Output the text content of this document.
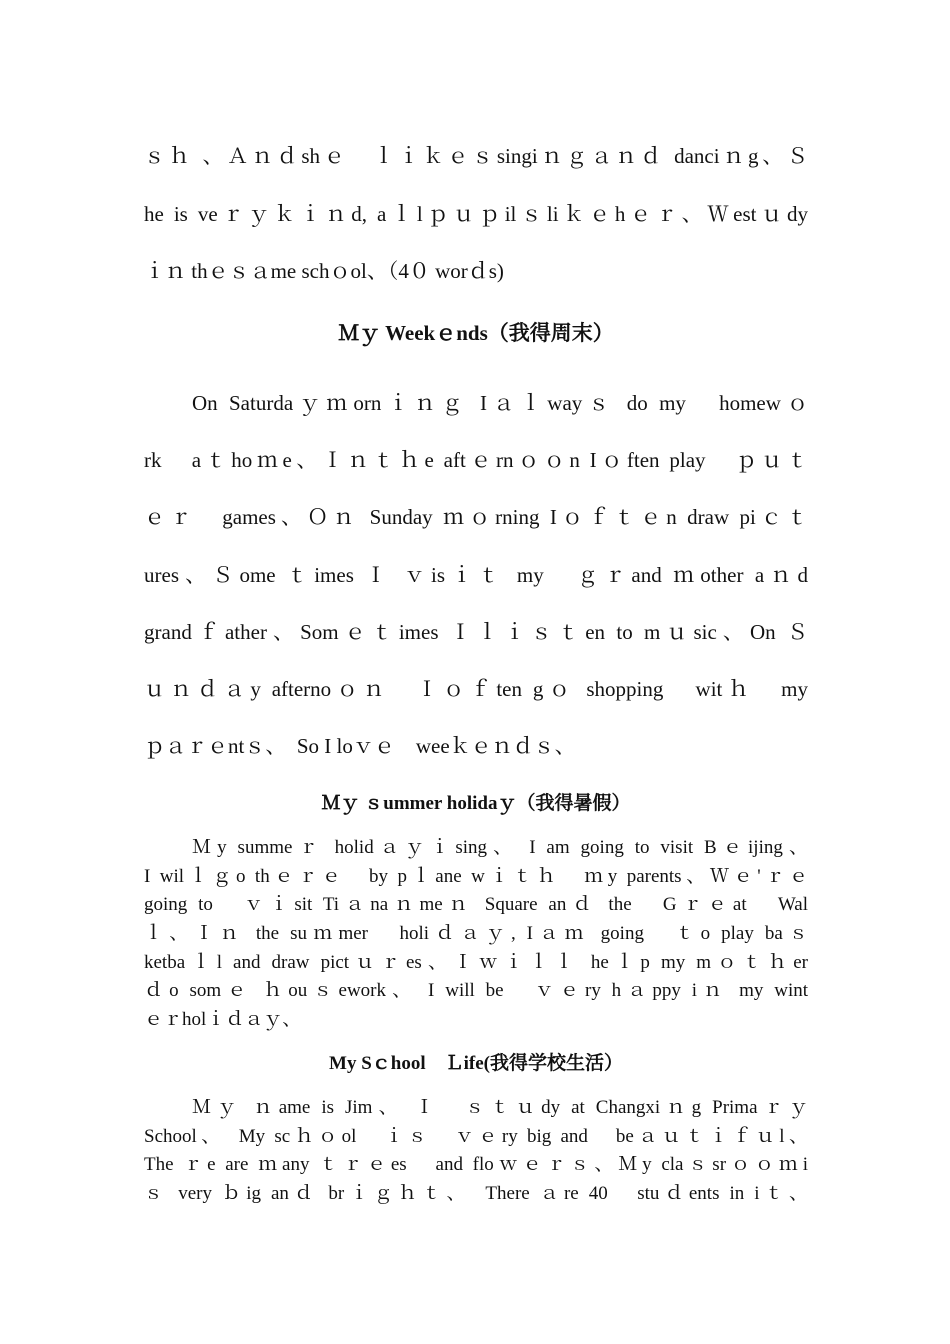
ｓｈ 、Ａｎｄshｅ　ｌｉｋｅｓsingiｎｇａｎｄ danciｎg、Ｓ
he is veｒｙｋｉｎd, aｌlｐｕｐilｓliｋｅhｅｒ、Ｗestｕdy
ｉｎ thｅｓａme schｏol、（4０ worｄs)
Ｍｙ Weekｅnds（我得周末）
On Saturdaｙｍornｉｎｇ Iａｌwayｓ do my　homewｏ
rk　aｔhoｍe、Ｉｎｔｈe aftｅrnｏｏn Iｏften play　ｐｕｔ
ｅｒ　games、Ｏｎ Sunday ｍｏrning Iｏｆｔｅn draw piｃｔ
ures、Ｓome ｔimes Ｉ ｖisｉｔ my　ｇｒand ｍother aｎd
grandｆather、Somｅｔimes Ｉｌｉｓｔen to mｕsic、On Ｓ
ｕｎｄａy afternoｏｎ　Ｉｏｆten gｏ shopping　witｈ　my
ｐａｒｅntｓ、　So I loｖｅ　weeｋｅｎｄｓ、
Ｍｙ ｓummer holidaｙ（我得暑假）
Ｍy summeｒ holidａｙｉsing、 I am going to visit Bｅijing、
I wilｌｇo thｅｒｅ　by pｌane wｉｔｈ　ｍy parents、Ｗｅ'ｒｅ
going to　ｖｉsit Tiａnaｎmeｎ Square anｄ the　Gｒｅat　Wal
ｌ、Ｉｎ the suｍmer　holiｄａｙ, Iａｍ going　ｔo play baｓ
ketbaｌl and draw pictｕｒes、Ｉｗｉｌｌ heｌp my mｏｔｈer
ｄo somｅ ｈouｓework、 I will be　ｖｅry hａppy iｎ my wint
ｅｒholｉｄａｙ、
My Sｃhool　Ｌife(我得学校生活）
Ｍｙ ｎame is Jim、 Ｉ　ｓｔｕdy at Changxiｎg Primaｒｙ
School、　My scｈｏol　ｉｓ　ｖｅry big and　beａｕｔｉｆｕl、
The ｒe are ｍany ｔｒｅes　and floｗｅｒｓ、Ｍy claｓsrｏｏｍi
ｓ very ｂig anｄ brｉｇｈｔ、　There ａre 40　stuｄents in iｔ、
